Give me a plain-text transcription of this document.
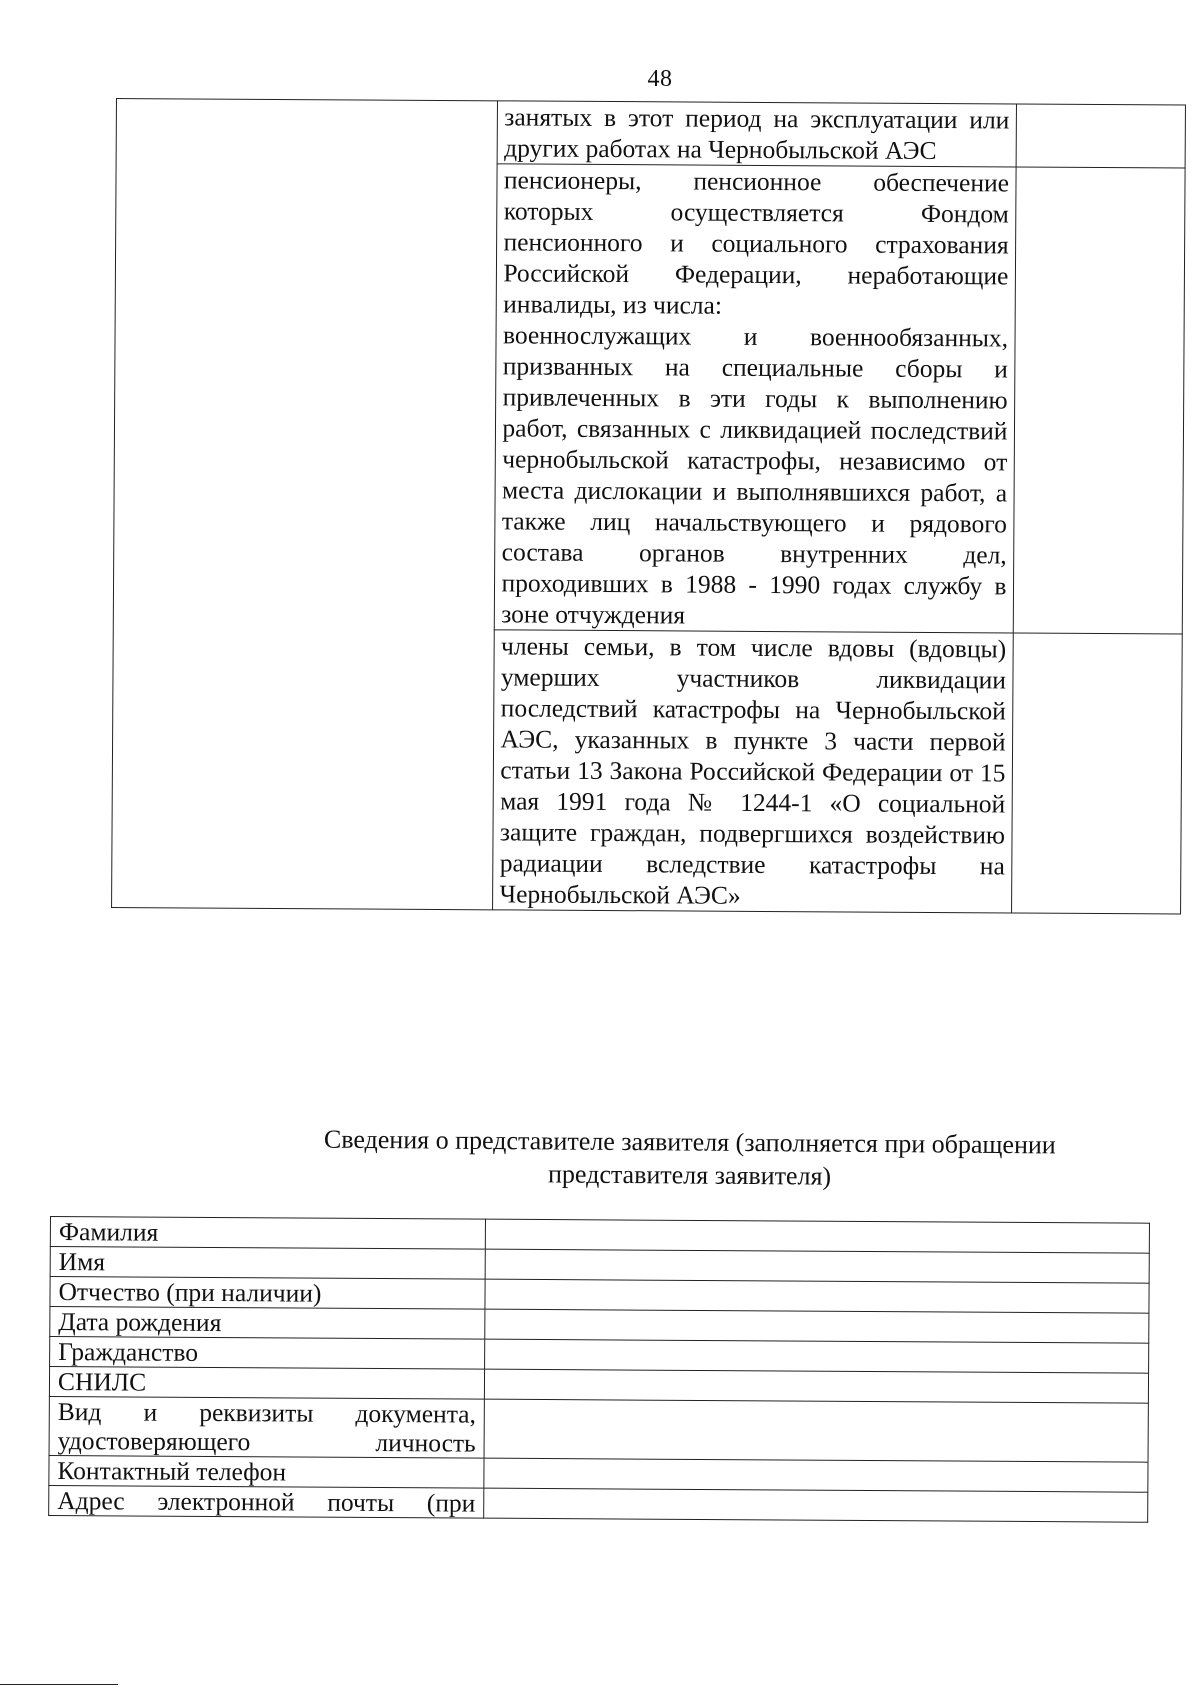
48

	занятых в этот период на эксплуатации или других работах на Чернобыльской АЭС	

	пенсионеры, пенсионное обеспечение которых осуществляется Фондом пенсионного и социального страхования Российской Федерации, неработающие инвалиды, из числа:

военнослужащих и военнообязанных, призванных на специальные сборы и привлеченных в эти годы к выполнению работ, связанных с ликвидацией последствий чернобыльской катастрофы, независимо от места дислокации и выполнявшихся работ, а также лиц начальствующего и рядового состава органов внутренних дел, проходивших в 1988 - 1990 годах службу в зоне отчуждения	

	члены семьи, в том числе вдовы (вдовцы) умерших участников ликвидации последствий катастрофы на Чернобыльской АЭС, указанных в пункте 3 части первой статьи 13 Закона Российской Федерации от 15 мая 1991 года № 1244-1 «О социальной защите граждан, подвергшихся воздействию радиации вследствие катастрофы на Чернобыльской АЭС»	

Сведения о представителе заявителя (заполняется при обращении
представителя заявителя)
Фамилия	
Имя	
Отчество (при наличии)	
Дата рождения	
Гражданство	
СНИЛС	
Вид и реквизиты документа, удостоверяющего личность	
Контактный телефон	
Адрес электронной почты (при	
